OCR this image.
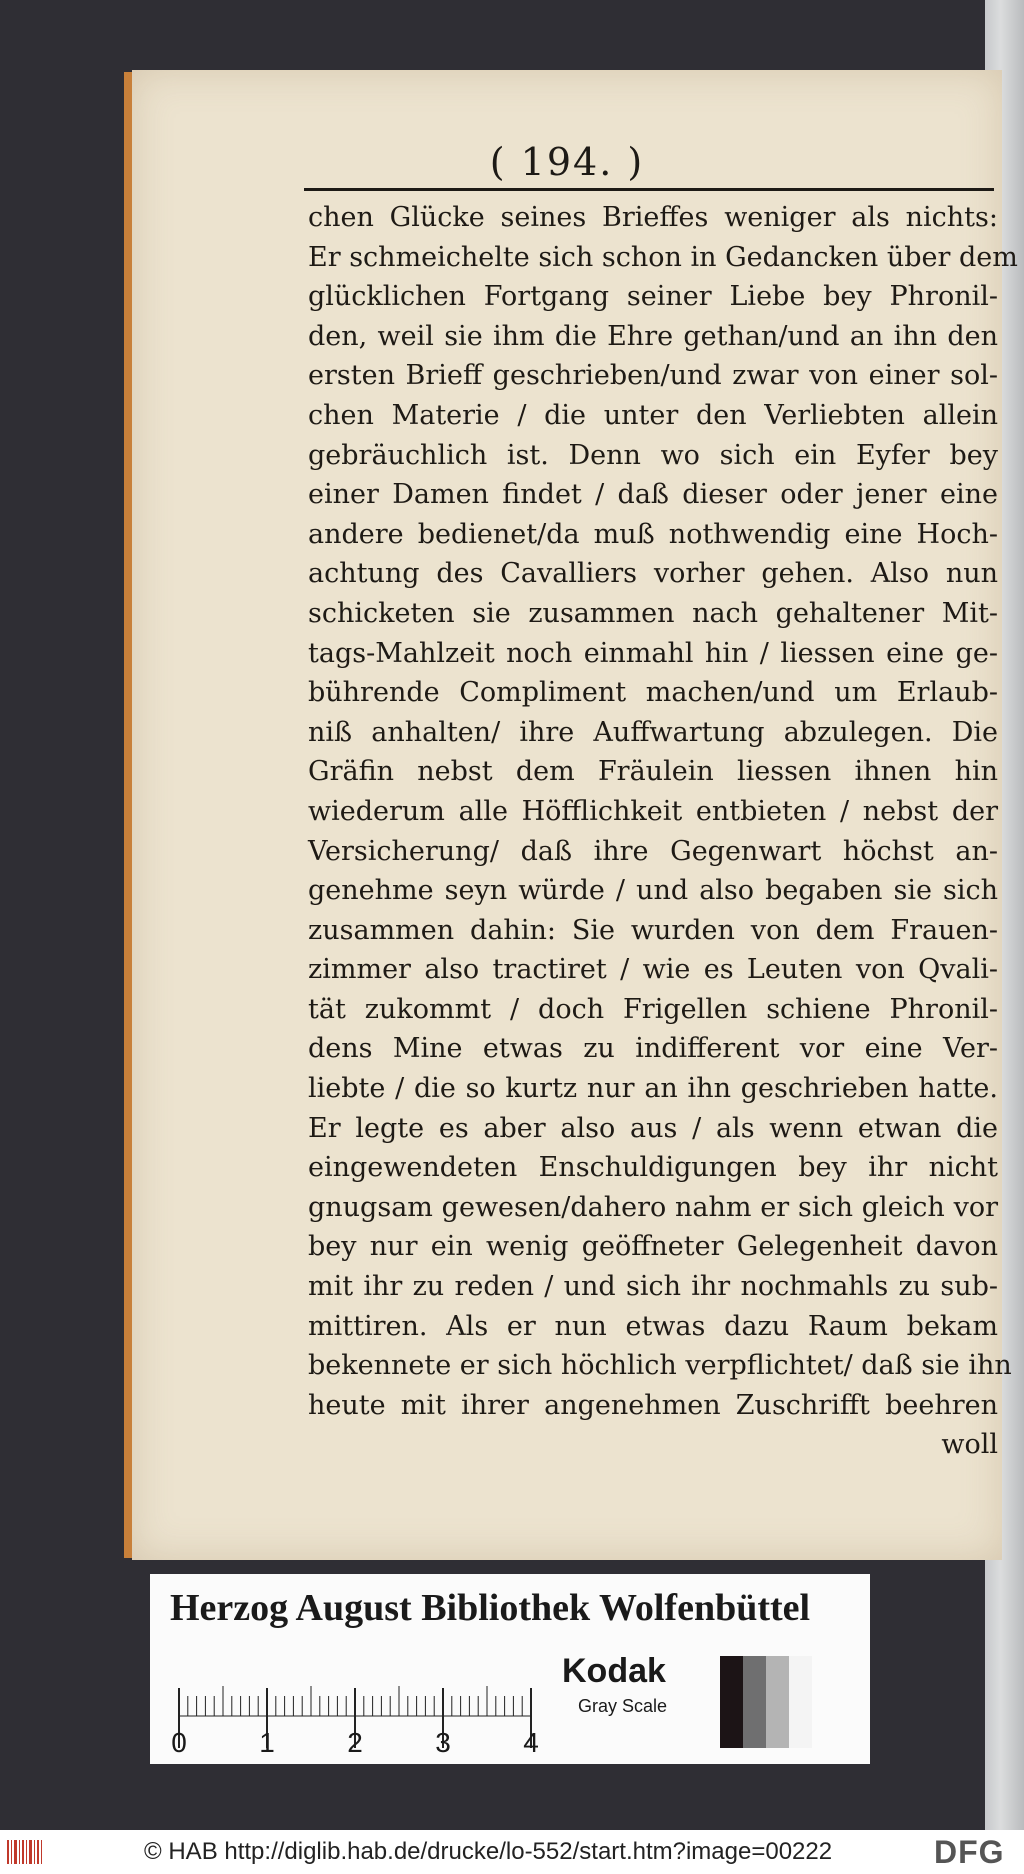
( 194. )
chen Glücke seines Brieffes weniger als nichts:
Er schmeichelte sich schon in Gedancken über dem
glücklichen Fortgang seiner Liebe bey Phronil-
den, weil sie ihm die Ehre gethan/und an ihn den
ersten Brieff geschrieben/und zwar von einer sol-
chen Materie / die unter den Verliebten allein
gebräuchlich ist. Denn wo sich ein Eyfer bey
einer Damen findet / daß dieser oder jener eine
andere bedienet/da muß nothwendig eine Hoch-
achtung des Cavalliers vorher gehen. Also nun
schicketen sie zusammen nach gehaltener Mit-
tags-Mahlzeit noch einmahl hin / liessen eine ge-
bührende Compliment machen/und um Erlaub-
niß anhalten/ ihre Auffwartung abzulegen. Die
Gräfin nebst dem Fräulein liessen ihnen hin
wiederum alle Höfflichkeit entbieten / nebst der
Versicherung/ daß ihre Gegenwart höchst an-
genehme seyn würde / und also begaben sie sich
zusammen dahin: Sie wurden von dem Frauen-
zimmer also tractiret / wie es Leuten von Qvali-
tät zukommt / doch Frigellen schiene Phronil-
dens Mine etwas zu indifferent vor eine Ver-
liebte / die so kurtz nur an ihn geschrieben hatte.
Er legte es aber also aus / als wenn etwan die
eingewendeten Enschuldigungen bey ihr nicht
gnugsam gewesen/dahero nahm er sich gleich vor
bey nur ein wenig geöffneter Gelegenheit davon
mit ihr zu reden / und sich ihr nochmahls zu sub-
mittiren. Als er nun etwas dazu Raum bekam
bekennete er sich höchlich verpflichtet/ daß sie ihn
heute mit ihrer angenehmen Zuschrifft beehren
woll
Herzog August Bibliothek Wolfenbüttel
0	1	2	3	4
Kodak
Gray Scale
© HAB http://diglib.hab.de/drucke/lo-552/start.htm?image=00222	DFG
